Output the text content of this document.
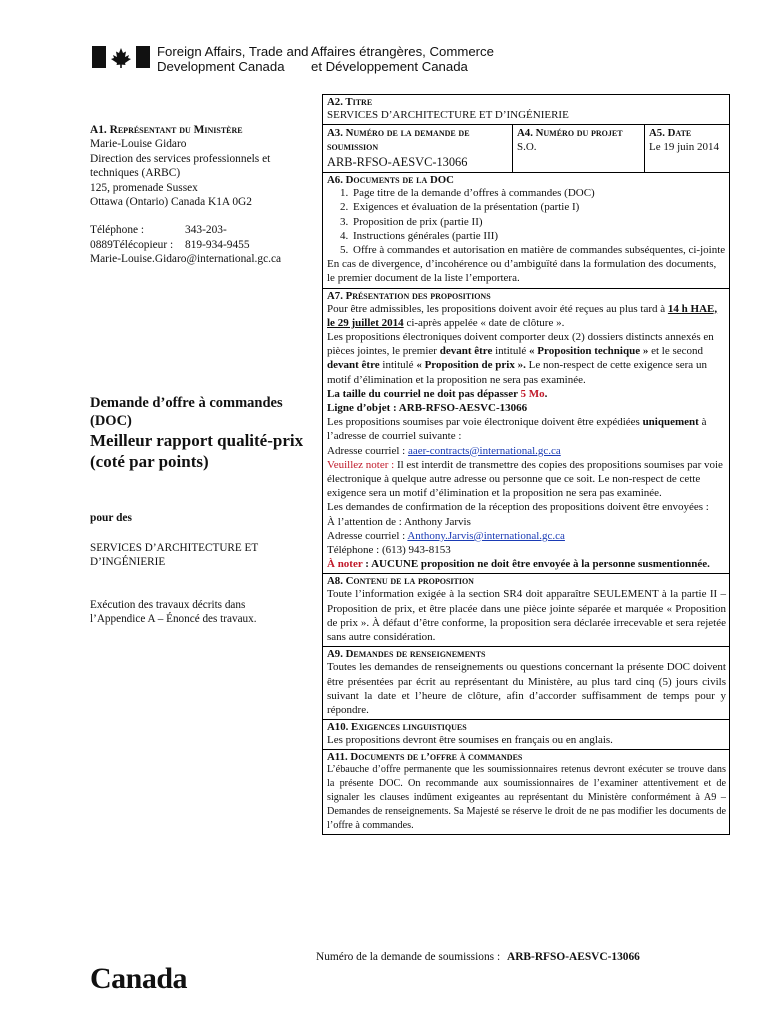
Foreign Affairs, Trade and
Development Canada
Affaires étrangères, Commerce
et Développement Canada
A1. Représentant du Ministère
Marie-Louise Gidaro
Direction des services professionnels et
techniques (ARBC)
125, promenade Sussex
Ottawa (Ontario) Canada K1A 0G2
Téléphone :	343-203-
0889Télécopieur :	819-934-9455
Marie-Louise.Gidaro@international.gc.ca
Demande d’offre à commandes
(DOC)
Meilleur rapport qualité-prix
(coté par points)
pour des
SERVICES D’ARCHITECTURE ET
D’INGÉNIERIE
Exécution des travaux décrits dans
l’Appendice A – Énoncé des travaux.
A2. Titre
SERVICES D’ARCHITECTURE ET D’INGÉNIERIE
A3. Numéro de la demande de soumission
ARB-RFSO-AESVC-13066
A4. Numéro du projet
S.O.
A5. Date
Le 19 juin 2014
A6. Documents de la DOC
1. Page titre de la demande d’offres à commandes (DOC)
2. Exigences et évaluation de la présentation (partie I)
3. Proposition de prix (partie II)
4. Instructions générales (partie III)
5. Offre à commandes et autorisation en matière de commandes subséquentes, ci-jointe
En cas de divergence, d’incohérence ou d’ambiguïté dans la formulation des documents, le premier document de la liste l’emportera.
A7. Présentation des propositions
Pour être admissibles, les propositions doivent avoir été reçues au plus tard à 14 h HAE, le 29 juillet 2014 ci-après appelée « date de clôture ».
Les propositions électroniques doivent comporter deux (2) dossiers distincts annexés en pièces jointes, le premier devant être intitulé « Proposition technique » et le second devant être intitulé « Proposition de prix ». Le non-respect de cette exigence sera un motif d’élimination et la proposition ne sera pas examinée.
La taille du courriel ne doit pas dépasser 5 Mo.
Ligne d’objet : ARB-RFSO-AESVC-13066
Les propositions soumises par voie électronique doivent être expédiées uniquement à l’adresse de courriel suivante :
Adresse courriel : aaer-contracts@international.gc.ca
Veuillez noter : Il est interdit de transmettre des copies des propositions soumises par voie électronique à quelque autre adresse ou personne que ce soit. Le non-respect de cette exigence sera un motif d’élimination et la proposition ne sera pas examinée.
Les demandes de confirmation de la réception des propositions doivent être envoyées :
À l’attention de : Anthony Jarvis
Adresse courriel : Anthony.Jarvis@international.gc.ca
Téléphone : (613) 943-8153
À noter : AUCUNE proposition ne doit être envoyée à la personne susmentionnée.
A8. Contenu de la proposition
Toute l’information exigée à la section SR4 doit apparaître SEULEMENT à la partie II – Proposition de prix, et être placée dans une pièce jointe séparée et marquée « Proposition de prix ». À défaut d’être conforme, la proposition sera déclarée irrecevable et sera rejetée sans autre considération.
A9. Demandes de renseignements
Toutes les demandes de renseignements ou questions concernant la présente DOC doivent être présentées par écrit au représentant du Ministère, au plus tard cinq (5) jours civils suivant la date et l’heure de clôture, afin d’accorder suffisamment de temps pour y répondre.
A10. Exigences linguistiques
Les propositions devront être soumises en français ou en anglais.
A11. Documents de l’offre à commandes
L’ébauche d’offre permanente que les soumissionnaires retenus devront exécuter se trouve dans la présente DOC. On recommande aux soumissionnaires de l’examiner attentivement et de signaler les clauses indûment exigeantes au représentant du Ministère conformément à A9 – Demandes de renseignements. Sa Majesté se réserve le droit de ne pas modifier les documents de l’offre à commandes.
Numéro de la demande de soumissions : ARB-RFSO-AESVC-13066
Canada
